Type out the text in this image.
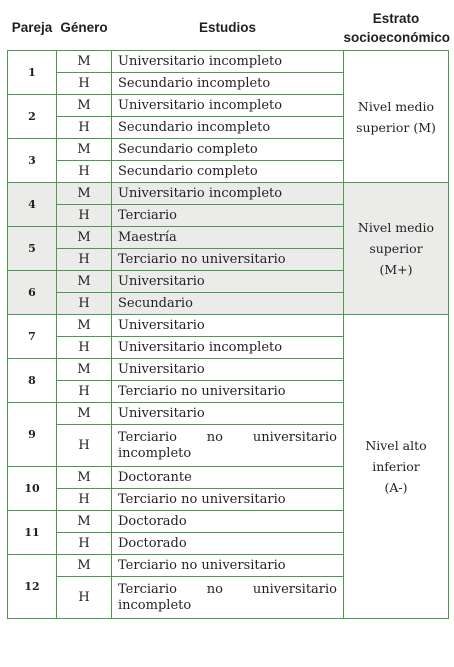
Pareja	Género	Estudios	Estrato socioeconómico
1	M	Universitario incompleto	Nivel medio superior (M)
	H	Secundario incompleto	
2	M	Universitario incompleto	
	H	Secundario incompleto	
3	M	Secundario completo	
	H	Secundario completo	
4	M	Universitario incompleto	Nivel medio superior (M+)
	H	Terciario	
5	M	Maestría	
	H	Terciario no universitario	
6	M	Universitario	
	H	Secundario	
7	M	Universitario	Nivel alto inferior (A-)
	H	Universitario incompleto	
8	M	Universitario	
	H	Terciario no universitario	
9	M	Universitario	
	H	Terciario no universitario incompleto	
10	M	Doctorante	
	H	Terciario no universitario	
11	M	Doctorado	
	H	Doctorado	
12	M	Terciario no universitario	
	H	Terciario no universitario incompleto	
